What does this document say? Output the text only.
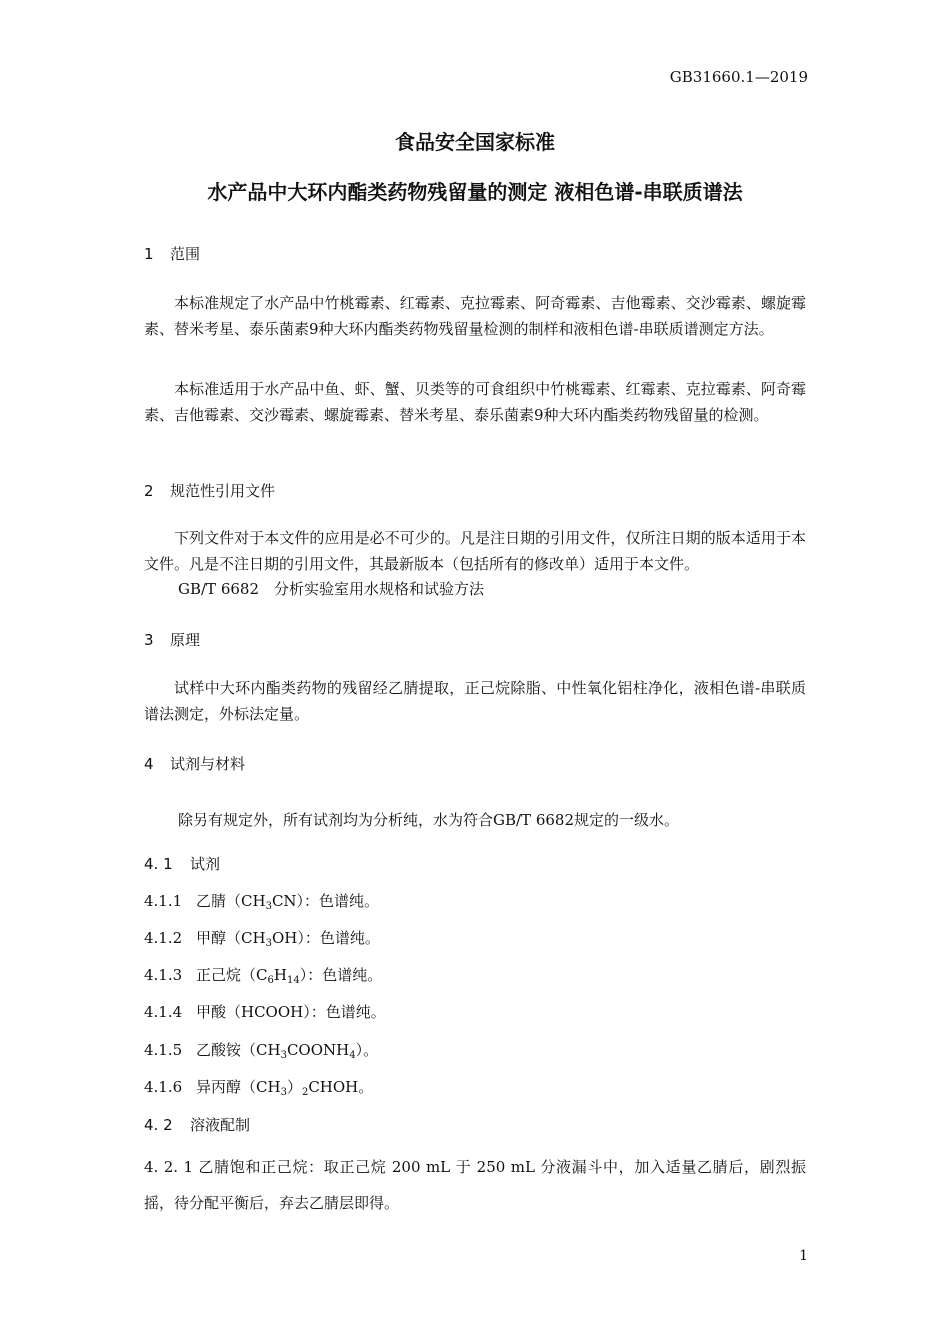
GB31660.1—2019
食品安全国家标准
水产品中大环内酯类药物残留量的测定 液相色谱-串联质谱法
1 范围
本标准规定了水产品中竹桃霉素、红霉素、克拉霉素、阿奇霉素、吉他霉素、交沙霉素、螺旋霉素、替米考星、泰乐菌素9种大环内酯类药物残留量检测的制样和液相色谱-串联质谱测定方法。
本标准适用于水产品中鱼、虾、蟹、贝类等的可食组织中竹桃霉素、红霉素、克拉霉素、阿奇霉素、吉他霉素、交沙霉素、螺旋霉素、替米考星、泰乐菌素9种大环内酯类药物残留量的检测。
2 规范性引用文件
下列文件对于本文件的应用是必不可少的。凡是注日期的引用文件，仅所注日期的版本适用于本文件。凡是不注日期的引用文件，其最新版本（包括所有的修改单）适用于本文件。
GB/T 6682　分析实验室用水规格和试验方法
3 原理
试样中大环内酯类药物的残留经乙腈提取，正己烷除脂、中性氧化铝柱净化，液相色谱-串联质谱法测定，外标法定量。
4 试剂与材料
除另有规定外，所有试剂均为分析纯，水为符合GB/T 6682规定的一级水。
4. 1 试剂
4.1.1 乙腈$(CH_3CN)$：色谱纯。
4.1.2 甲醇$(CH_3OH)$：色谱纯。
4.1.3 正己烷$(C_6H_{14})$：色谱纯。
4.1.4 甲酸（HCOOH）：色谱纯。
4.1.5 乙酸铵$(CH_3COONH_4)$。
4.1.6 异丙醇$(CH_3)_2CHOH$。
4. 2 溶液配制
4. 2. 1 乙腈饱和正己烷：取正己烷 200 mL 于 250 mL 分液漏斗中，加入适量乙腈后，剧烈振摇，待分配平衡后，弃去乙腈层即得。
1
